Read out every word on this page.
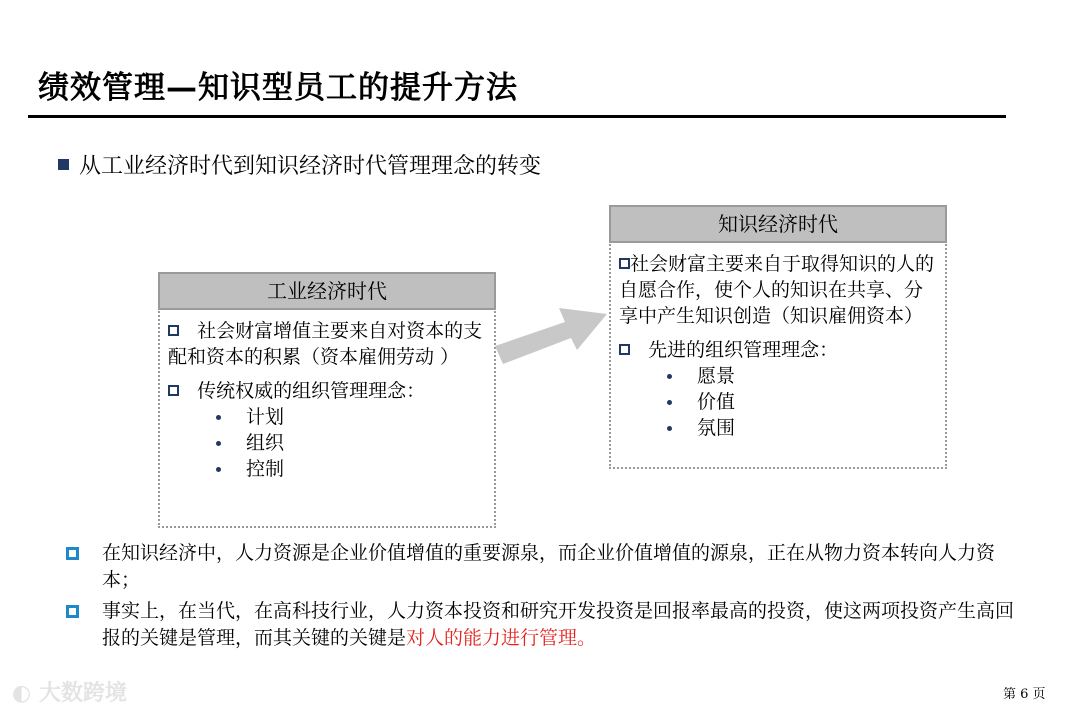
绩效管理—知识型员工的提升方法
从工业经济时代到知识经济时代管理理念的转变
工业经济时代
社会财富增值主要来自对资本的支配和资本的积累（资本雇佣劳动 ）
传统权威的组织管理理念：
计划
组织
控制
知识经济时代
社会财富主要来自于取得知识的人的自愿合作，使个人的知识在共享、分享中产生知识创造（知识雇佣资本）
先进的组织管理理念：
愿景
价值
氛围
在知识经济中，人力资源是企业价值增值的重要源泉，而企业价值增值的源泉，正在从物力资本转向人力资本；
事实上，在当代，在高科技行业，人力资本投资和研究开发投资是回报率最高的投资，使这两项投资产生高回报的关键是管理，而其关键的关键是对人的能力进行管理。
◐ 大数跨境	第 6 页
